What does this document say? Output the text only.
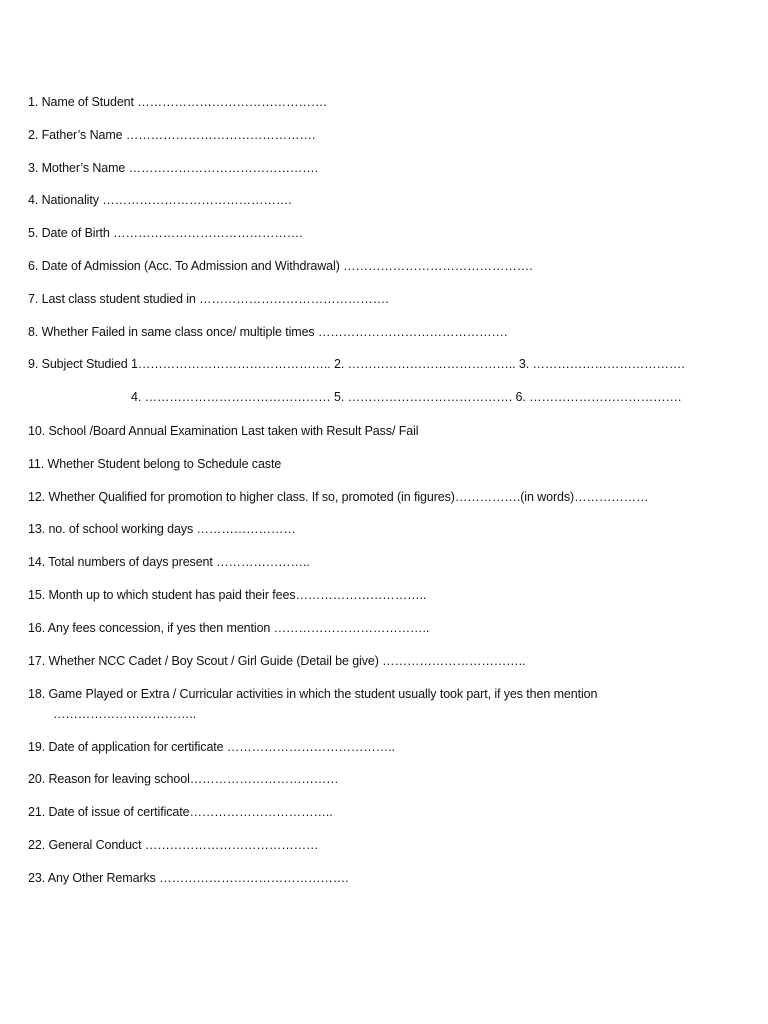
1. Name of Student ……………………………………….
2. Father’s Name ……………………………………….
3. Mother’s Name ……………………………………….
4. Nationality ……………………………………….
5. Date of Birth ……………………………………….
6. Date of Admission (Acc. To Admission and Withdrawal) ……………………………………….
7. Last class student studied in ……………………………………….
8. Whether Failed in same class once/ multiple times ……………………………………….
9. Subject Studied 1……………………………………….. 2. ………………………………….. 3. ……………………………….
4. ……………………………………… 5. …………………………………. 6. ……………………………….
10. School /Board Annual Examination Last taken with Result Pass/ Fail
11. Whether Student belong to Schedule caste
12. Whether Qualified for promotion to higher class. If so, promoted (in figures)…………….(in words)………………
13. no. of school working days ……………………
14. Total numbers of days present …………………..
15. Month up to which student has paid their fees…………………………..
16. Any fees concession, if yes then mention ………………………………..
17. Whether NCC Cadet / Boy Scout / Girl Guide (Detail be give) ……………………………..
18. Game Played or Extra / Curricular activities in which the student usually took part, if yes then mention
……………………………..
19. Date of application for certificate …………………………………..
20. Reason for leaving school………………………………
21. Date of issue of certificate……………………………..
22. General Conduct ……………………………………
23. Any Other Remarks ……………………………………….
